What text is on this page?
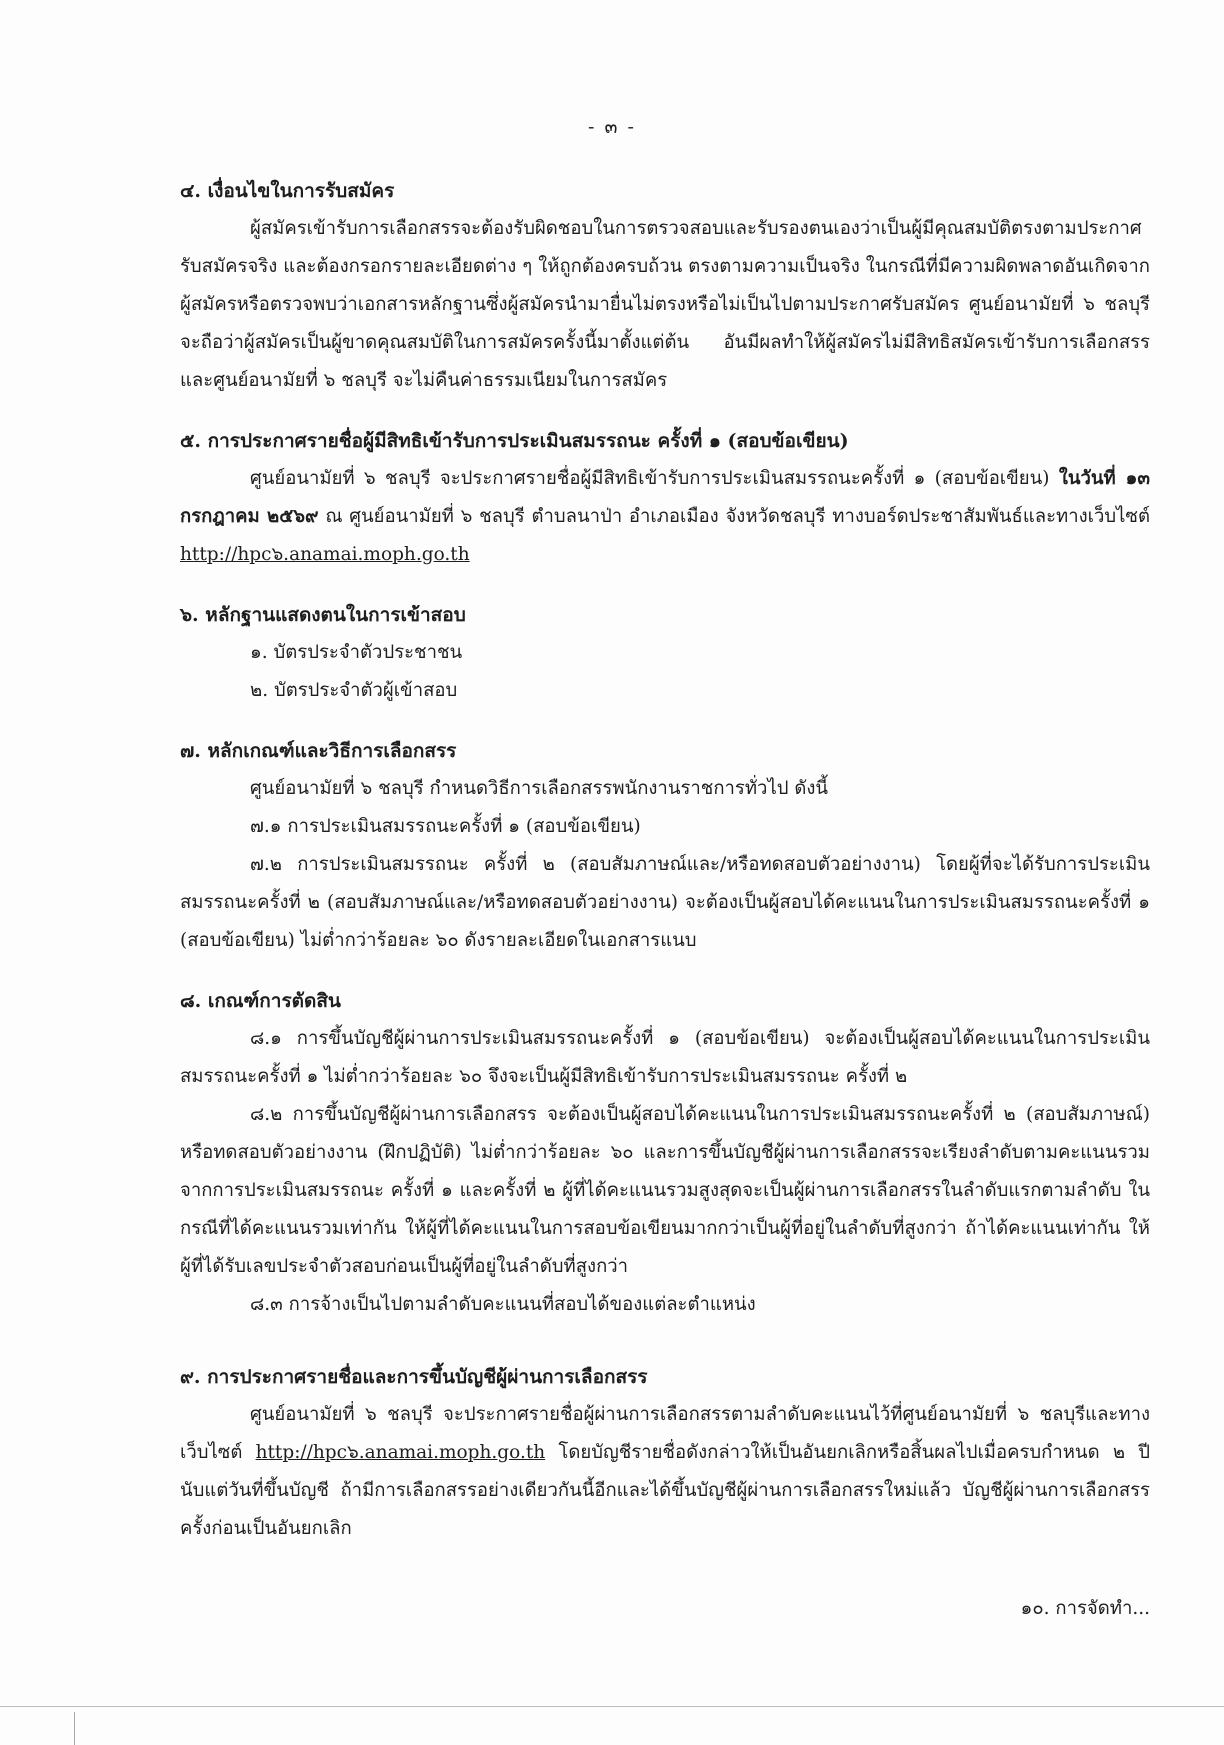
- ๓ -

๔. เงื่อนไขในการรับสมัคร

ผู้สมัครเข้ารับการเลือกสรรจะต้องรับผิดชอบในการตรวจสอบและรับรองตนเองว่าเป็นผู้มีคุณสมบัติตรงตามประกาศรับสมัครจริง และต้องกรอกรายละเอียดต่าง ๆ ให้ถูกต้องครบถ้วน ตรงตามความเป็นจริง ในกรณีที่มีความผิดพลาดอันเกิดจากผู้สมัครหรือตรวจพบว่าเอกสารหลักฐานซึ่งผู้สมัครนำมายื่นไม่ตรงหรือไม่เป็นไปตามประกาศรับสมัคร ศูนย์อนามัยที่ ๖ ชลบุรี จะถือว่าผู้สมัครเป็นผู้ขาดคุณสมบัติในการสมัครครั้งนี้มาตั้งแต่ต้น อันมีผลทำให้ผู้สมัครไม่มีสิทธิสมัครเข้ารับการเลือกสรรและศูนย์อนามัยที่ ๖ ชลบุรี จะไม่คืนค่าธรรมเนียมในการสมัคร

๕. การประกาศรายชื่อผู้มีสิทธิเข้ารับการประเมินสมรรถนะ ครั้งที่ ๑ (สอบข้อเขียน)

ศูนย์อนามัยที่ ๖ ชลบุรี จะประกาศรายชื่อผู้มีสิทธิเข้ารับการประเมินสมรรถนะครั้งที่ ๑ (สอบข้อเขียน) ในวันที่ ๑๓ กรกฎาคม ๒๕๖๙ ณ ศูนย์อนามัยที่ ๖ ชลบุรี ตำบลนาป่า อำเภอเมือง จังหวัดชลบุรี ทางบอร์ดประชาสัมพันธ์และทางเว็บไซต์ http://hpc๖.anamai.moph.go.th

๖. หลักฐานแสดงตนในการเข้าสอบ

๑. บัตรประจำตัวประชาชน

๒. บัตรประจำตัวผู้เข้าสอบ

๗. หลักเกณฑ์และวิธีการเลือกสรร

ศูนย์อนามัยที่ ๖ ชลบุรี กำหนดวิธีการเลือกสรรพนักงานราชการทั่วไป ดังนี้

๗.๑ การประเมินสมรรถนะครั้งที่ ๑ (สอบข้อเขียน)

๗.๒ การประเมินสมรรถนะ ครั้งที่ ๒ (สอบสัมภาษณ์และ/หรือทดสอบตัวอย่างงาน) โดยผู้ที่จะได้รับการประเมินสมรรถนะครั้งที่ ๒ (สอบสัมภาษณ์และ/หรือทดสอบตัวอย่างงาน) จะต้องเป็นผู้สอบได้คะแนนในการประเมินสมรรถนะครั้งที่ ๑ (สอบข้อเขียน) ไม่ต่ำกว่าร้อยละ ๖๐ ดังรายละเอียดในเอกสารแนบ

๘. เกณฑ์การตัดสิน

๘.๑ การขึ้นบัญชีผู้ผ่านการประเมินสมรรถนะครั้งที่ ๑ (สอบข้อเขียน) จะต้องเป็นผู้สอบได้คะแนนในการประเมินสมรรถนะครั้งที่ ๑ ไม่ต่ำกว่าร้อยละ ๖๐ จึงจะเป็นผู้มีสิทธิเข้ารับการประเมินสมรรถนะ ครั้งที่ ๒

๘.๒ การขึ้นบัญชีผู้ผ่านการเลือกสรร จะต้องเป็นผู้สอบได้คะแนนในการประเมินสมรรถนะครั้งที่ ๒ (สอบสัมภาษณ์) หรือทดสอบตัวอย่างงาน (ฝึกปฏิบัติ) ไม่ต่ำกว่าร้อยละ ๖๐ และการขึ้นบัญชีผู้ผ่านการเลือกสรรจะเรียงลำดับตามคะแนนรวมจากการประเมินสมรรถนะ ครั้งที่ ๑ และครั้งที่ ๒ ผู้ที่ได้คะแนนรวมสูงสุดจะเป็นผู้ผ่านการเลือกสรรในลำดับแรกตามลำดับ ในกรณีที่ได้คะแนนรวมเท่ากัน ให้ผู้ที่ได้คะแนนในการสอบข้อเขียนมากกว่าเป็นผู้ที่อยู่ในลำดับที่สูงกว่า ถ้าได้คะแนนเท่ากัน ให้ผู้ที่ได้รับเลขประจำตัวสอบก่อนเป็นผู้ที่อยู่ในลำดับที่สูงกว่า

๘.๓ การจ้างเป็นไปตามลำดับคะแนนที่สอบได้ของแต่ละตำแหน่ง

๙. การประกาศรายชื่อและการขึ้นบัญชีผู้ผ่านการเลือกสรร

ศูนย์อนามัยที่ ๖ ชลบุรี จะประกาศรายชื่อผู้ผ่านการเลือกสรรตามลำดับคะแนนไว้ที่ศูนย์อนามัยที่ ๖ ชลบุรีและทางเว็บไซต์ http://hpc๖.anamai.moph.go.th โดยบัญชีรายชื่อดังกล่าวให้เป็นอันยกเลิกหรือสิ้นผลไปเมื่อครบกำหนด ๒ ปี นับแต่วันที่ขึ้นบัญชี ถ้ามีการเลือกสรรอย่างเดียวกันนี้อีกและได้ขึ้นบัญชีผู้ผ่านการเลือกสรรใหม่แล้ว บัญชีผู้ผ่านการเลือกสรรครั้งก่อนเป็นอันยกเลิก

๑๐. การจัดทำ...
